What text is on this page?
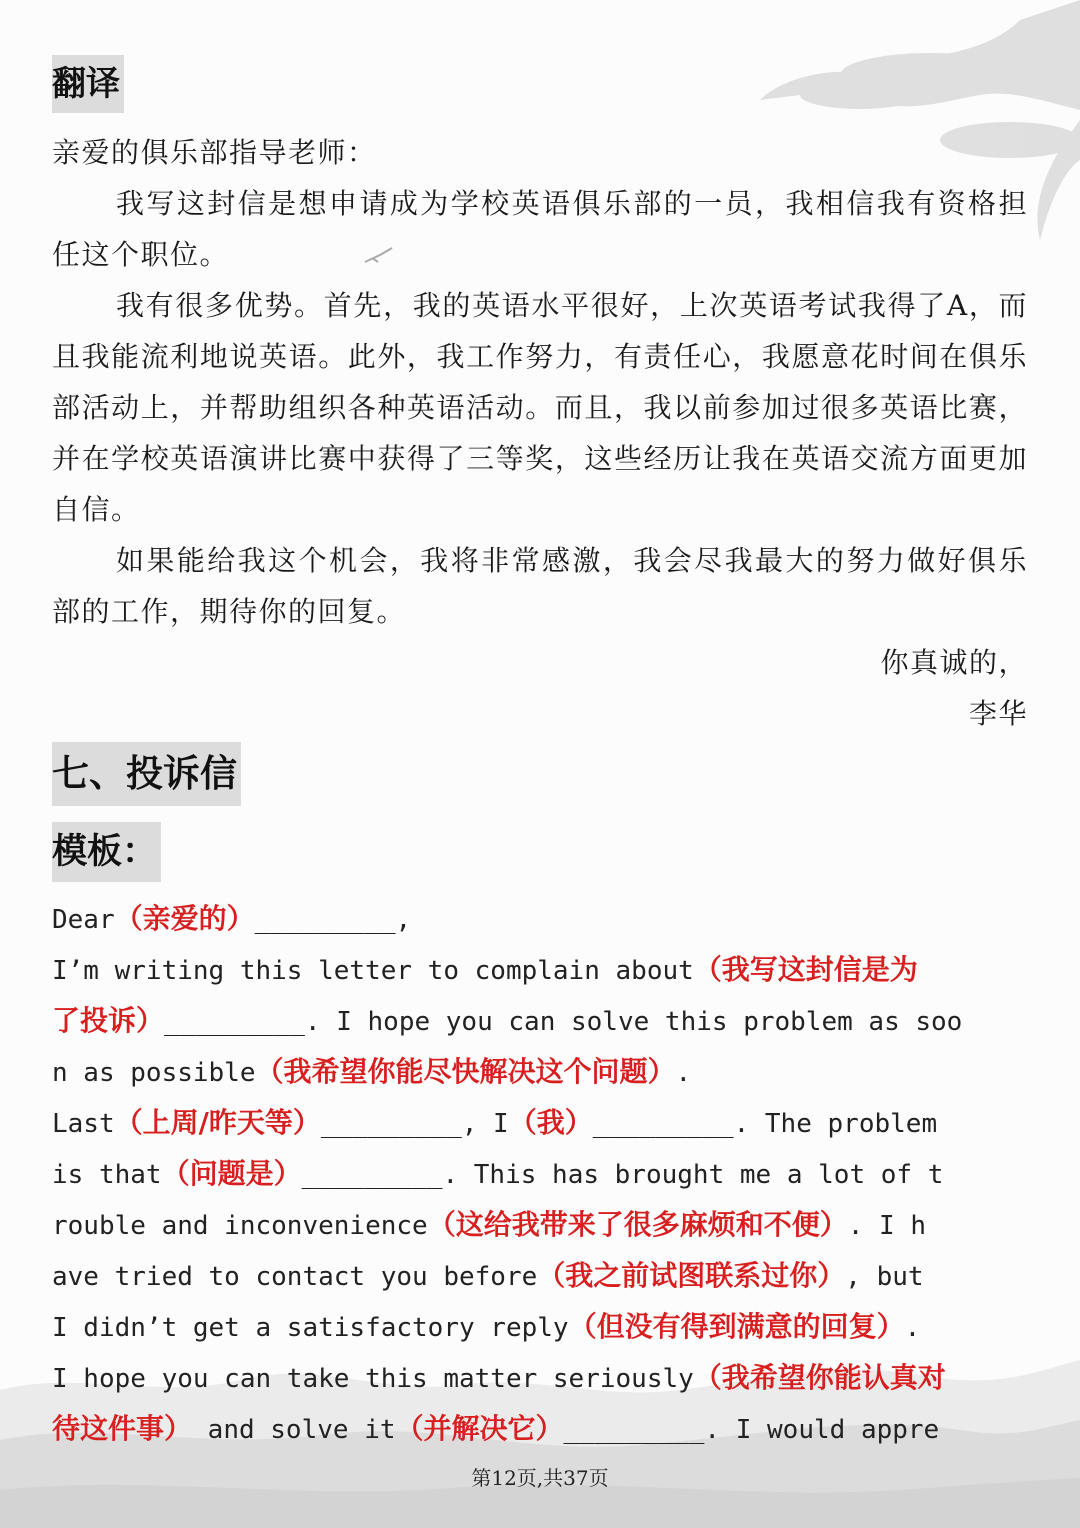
翻译
亲爱的俱乐部指导老师：
我写这封信是想申请成为学校英语俱乐部的一员，我相信我有资格担任这个职位。
我有很多优势。首先，我的英语水平很好，上次英语考试我得了A，而且我能流利地说英语。此外，我工作努力，有责任心，我愿意花时间在俱乐部活动上，并帮助组织各种英语活动。而且，我以前参加过很多英语比赛，并在学校英语演讲比赛中获得了三等奖，这些经历让我在英语交流方面更加自信。
如果能给我这个机会，我将非常感激，我会尽我最大的努力做好俱乐部的工作，期待你的回复。
你真诚的，
李华
七、投诉信
模板：
Dear（亲爱的）_________,
I’m writing this letter to complain about（我写这封信是为
了投诉）_________. I hope you can solve this problem as soo
n as possible（我希望你能尽快解决这个问题）.
Last（上周/昨天等）_________, I（我）_________. The problem
is that（问题是）_________. This has brought me a lot of t
rouble and inconvenience（这给我带来了很多麻烦和不便）. I h
ave tried to contact you before（我之前试图联系过你）, but
I didn’t get a satisfactory reply（但没有得到满意的回复）.
I hope you can take this matter seriously（我希望你能认真对
待这件事） and solve it（并解决它）_________. I would appre
第12页,共37页
